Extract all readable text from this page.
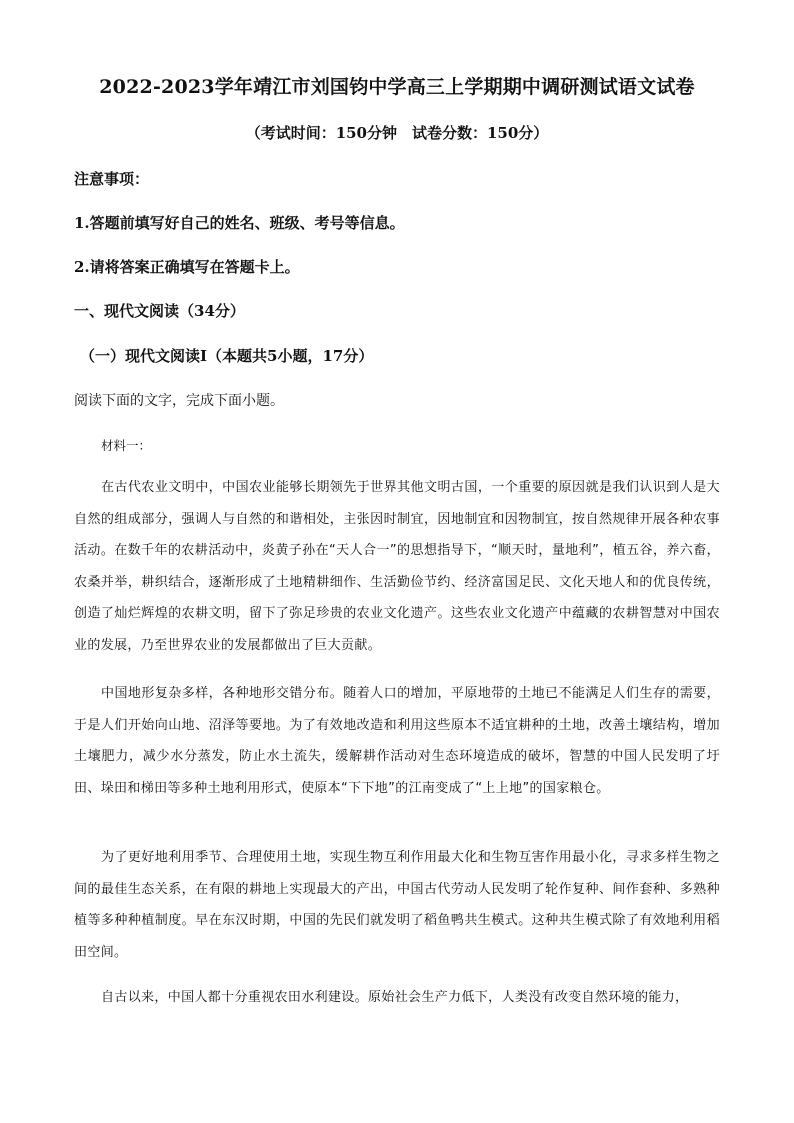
2022-2023学年靖江市刘国钧中学高三上学期期中调研测试语文试卷
（考试时间：150分钟　试卷分数：150分）
注意事项：
1.答题前填写好自己的姓名、班级、考号等信息。
2.请将答案正确填写在答题卡上。
一、现代文阅读（34分）
（一）现代文阅读Ⅰ（本题共5小题，17分）
阅读下面的文字，完成下面小题。
材料一：
在古代农业文明中，中国农业能够长期领先于世界其他文明古国，一个重要的原因就是我们认识到人是大自然的组成部分，强调人与自然的和谐相处，主张因时制宜，因地制宜和因物制宜，按自然规律开展各种农事活动。在数千年的农耕活动中，炎黄子孙在“天人合一”的思想指导下，“顺天时，量地利”，植五谷，养六畜，农桑并举，耕织结合，逐渐形成了土地精耕细作、生活勤俭节约、经济富国足民、文化天地人和的优良传统，创造了灿烂辉煌的农耕文明，留下了弥足珍贵的农业文化遗产。这些农业文化遗产中蕴藏的农耕智慧对中国农业的发展，乃至世界农业的发展都做出了巨大贡献。
中国地形复杂多样，各种地形交错分布。随着人口的增加，平原地带的土地已不能满足人们生存的需要，于是人们开始向山地、沼泽等要地。为了有效地改造和利用这些原本不适宜耕种的土地，改善土壤结构，增加土壤肥力，减少水分蒸发，防止水土流失，缓解耕作活动对生态环境造成的破坏，智慧的中国人民发明了圩田、垛田和梯田等多种土地利用形式，使原本“下下地”的江南变成了“上上地”的国家粮仓。
为了更好地利用季节、合理使用土地，实现生物互利作用最大化和生物互害作用最小化，寻求多样生物之间的最佳生态关系，在有限的耕地上实现最大的产出，中国古代劳动人民发明了轮作复种、间作套种、多熟种植等多种种植制度。早在东汉时期，中国的先民们就发明了稻鱼鸭共生模式。这种共生模式除了有效地利用稻田空间。
自古以来，中国人都十分重视农田水利建设。原始社会生产力低下，人类没有改变自然环境的能力，
